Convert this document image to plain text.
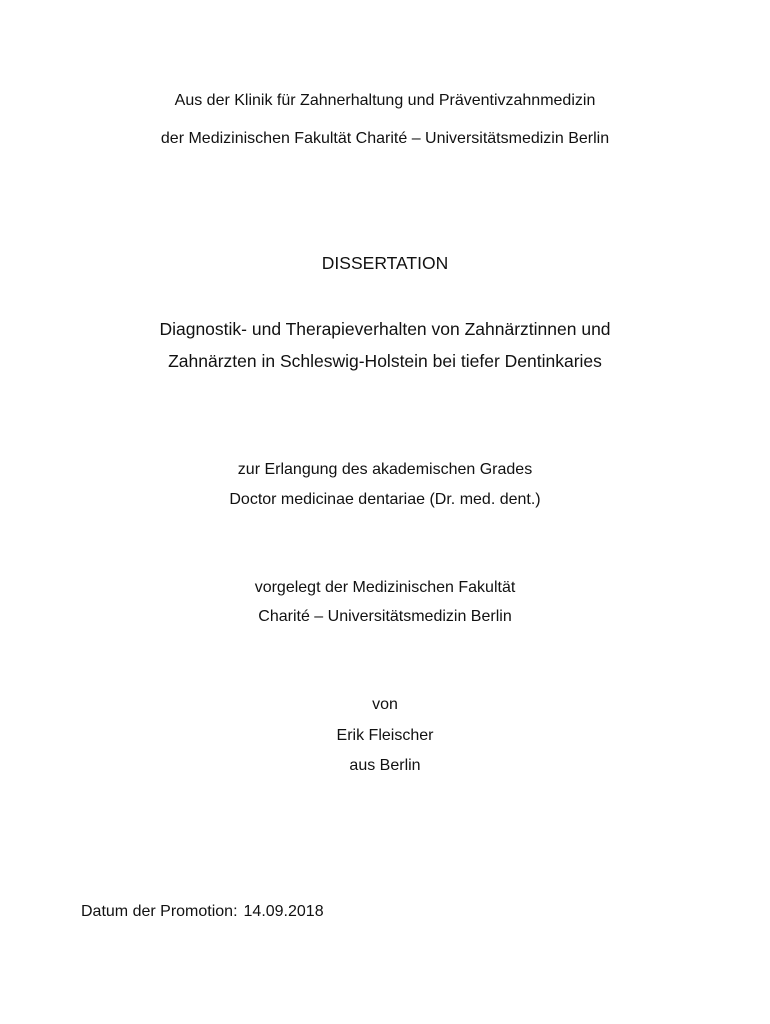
Aus der Klinik für Zahnerhaltung und Präventivzahnmedizin
der Medizinischen Fakultät Charité – Universitätsmedizin Berlin
DISSERTATION
Diagnostik- und Therapieverhalten von Zahnärztinnen und
Zahnärzten in Schleswig-Holstein bei tiefer Dentinkaries
zur Erlangung des akademischen Grades
Doctor medicinae dentariae (Dr. med. dent.)
vorgelegt der Medizinischen Fakultät
Charité – Universitätsmedizin Berlin
von
Erik Fleischer
aus Berlin
Datum der Promotion: 14.09.2018
